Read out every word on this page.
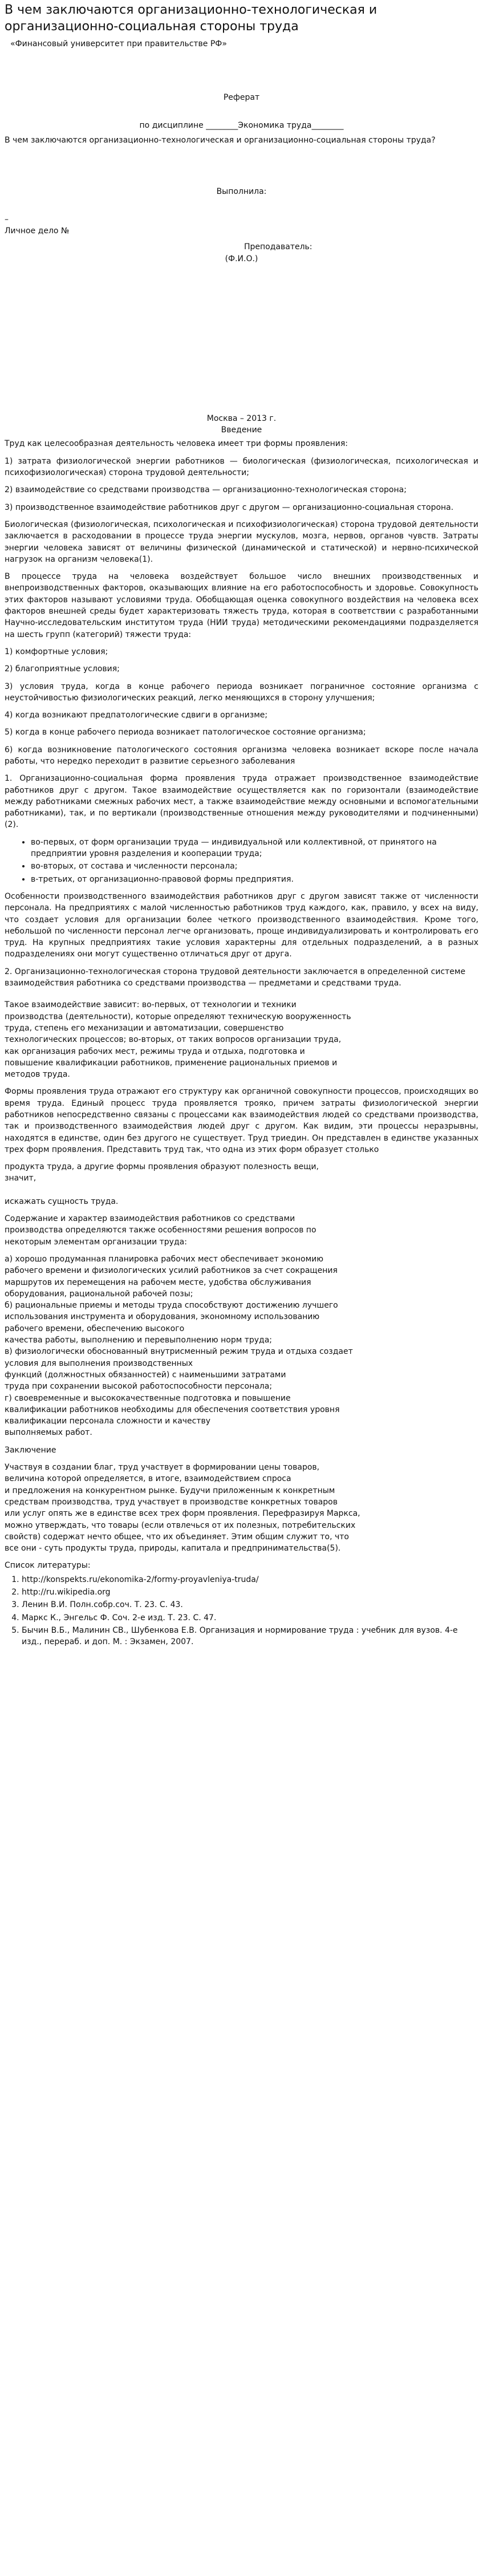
В чем заключаются организационно-технологическая и организационно-социальная стороны труда
«Финансовый университет при правительстве РФ»
Реферат
по дисциплине ________Экономика труда________

В чем заключаются организационно-технологическая и организационно-социальная стороны труда?

Выполнила:
–
Личное дело №
Преподаватель:
(Ф.И.О.)
Москва – 2013 г.
Введение

Труд как целесообразная деятельность человека имеет три формы проявления:

1) затрата физиологической энергии работников — биологическая (физиологическая, психологическая и психофизиологическая) сторона трудовой деятельности;

2) взаимодействие со средствами производства — организационно-технологическая сторона;

3) производственное взаимодействие работников друг с другом — организационно-социальная сторона.

Биологическая (физиологическая, психологическая и психофизиологическая) сторона трудовой деятельности заключается в расходовании в процессе труда энергии мускулов, мозга, нервов, органов чувств. Затраты энергии человека зависят от величины физической (динамической и статической) и нервно-психической нагрузок на организм человека(1).

В процессе труда на человека воздействует большое число внешних производственных и внепроизводственных факторов, оказывающих влияние на его работоспособность и здоровье. Совокупность этих факторов называют условиями труда. Обобщающая оценка совокупного воздействия на человека всех факторов внешней среды будет характеризовать тяжесть труда, которая в соответствии с разработанными Научно-исследовательским институтом труда (НИИ труда) методическими рекомендациями подразделяется на шесть групп (категорий) тяжести труда:

1) комфортные условия;

2) благоприятные условия;

3) условия труда, когда в конце рабочего периода возникает пограничное состояние организма с неустойчивостью физиологических реакций, легко меняющихся в сторону улучшения;

4) когда возникают предпатологические сдвиги в организме;

5) когда в конце рабочего периода возникает патологическое состояние организма;

6) когда возникновение патологического состояния организма человека возникает вскоре после начала работы, что нередко переходит в развитие серьезного заболевания

1. Организационно-социальная форма проявления труда отражает производственное взаимодействие работников друг с другом. Такое взаимодействие осуществляется как по горизонтали (взаимодействие между работниками смежных рабочих мест, а также взаимодействие между основными и вспомогательными работниками), так, и по вертикали (производственные отношения между руководителями и подчиненными)(2).

• во-первых, от форм организации труда — индивидуальной или коллективной, от принятого на предприятии уровня разделения и кооперации труда;
• во-вторых, от состава и численности персонала;
• в-третьих, от организационно-правовой формы предприятия.

Особенности производственного взаимодействия работников друг с другом зависят также от численности персонала. На предприятиях с малой численностью работников труд каждого, как, правило, у всех на виду, что создает условия для организации более четкого производственного взаимодействия. Кроме того, небольшой по численности персонал легче организовать, проще индивидуализировать и контролировать его труд. На крупных предприятиях такие условия характерны для отдельных подразделений, а в разных подразделениях они могут существенно отличаться друг от друга.

2. Организационно-технологическая сторона трудовой деятельности заключается в определенной системе взаимодействия работника со средствами производства — предметами и средствами труда.

Такое взаимодействие зависит: во-первых, от технологии и техники

производства (деятельности), которые определяют техническую вооруженность

труда, степень его механизации и автоматизации, совершенство

технологических процессов; во-вторых, от таких вопросов организации труда,

как организация рабочих мест, режимы труда и отдыха, подготовка и

повышение квалификации работников, применение рациональных приемов и

методов труда.

Формы проявления труда отражают его структуру как органичной совокупности процессов, происходящих во время труда. Единый процесс труда проявляется трояко, причем затраты физиологической энергии работников непосредственно связаны с процессами как взаимодействия людей со средствами производства, так и производственного взаимодействия людей друг с другом. Как видим, эти процессы неразрывны, находятся в единстве, один без другого не существует. Труд триедин. Он представлен в единстве указанных трех форм проявления. Представить труд так, что одна из этих форм образует столько

продукта труда, а другие формы проявления образуют полезность вещи,

значит,

искажать сущность труда.

Содержание и характер взаимодействия работников со средствами

производства определяются также особенностями решения вопросов по

некоторым элементам организации труда:

а) хорошо продуманная планировка рабочих мест обеспечивает экономию

рабочего времени и физиологических усилий работников за счет сокращения

маршрутов их перемещения на рабочем месте, удобства обслуживания

оборудования, рациональной рабочей позы;

б) рациональные приемы и методы труда способствуют достижению лучшего

использования инструмента и оборудования, экономному использованию

рабочего времени, обеспечению высокого

качества работы, выполнению и перевыполнению норм труда;

в) физиологически обоснованный внутрисменный режим труда и отдыха создает

условия для выполнения производственных

функций (должностных обязанностей) с наименьшими затратами

труда при сохранении высокой работоспособности персонала;

г) своевременные и высококачественные подготовка и повышение

квалификации работников необходимы для обеспечения соответствия уровня

квалификации персонала сложности и качеству

выполняемых работ.

Заключение

Участвуя в создании благ, труд участвует в формировании цены товаров,

величина которой определяется, в итоге, взаимодействием спроса

и предложения на конкурентном рынке. Будучи приложенным к конкретным

средствам производства, труд участвует в производстве конкретных товаров

или услуг опять же в единстве всех трех форм проявления. Перефразируя Маркса,

можно утверждать, что товары (если отвлечься от их полезных, потребительских

свойств) содержат нечто общее, что их объединяет. Этим общим служит то, что

все они - суть продукты труда, природы, капитала и предпринимательства(5).

Список литературы:
1. http://konspekts.ru/ekonomika-2/formy-proyavleniya-truda/
2. http://ru.wikipedia.org
3. Ленин В.И. Полн.собр.соч. Т. 23. С. 43.
4. Маркс К., Энгельс Ф. Соч. 2-е изд. Т. 23. С. 47.
5. Бычин В.Б., Малинин СВ., Шубенкова Е.В. Организация и нормирование труда : учебник для вузов. 4-е изд., перераб. и доп. М. : Экзамен, 2007.
